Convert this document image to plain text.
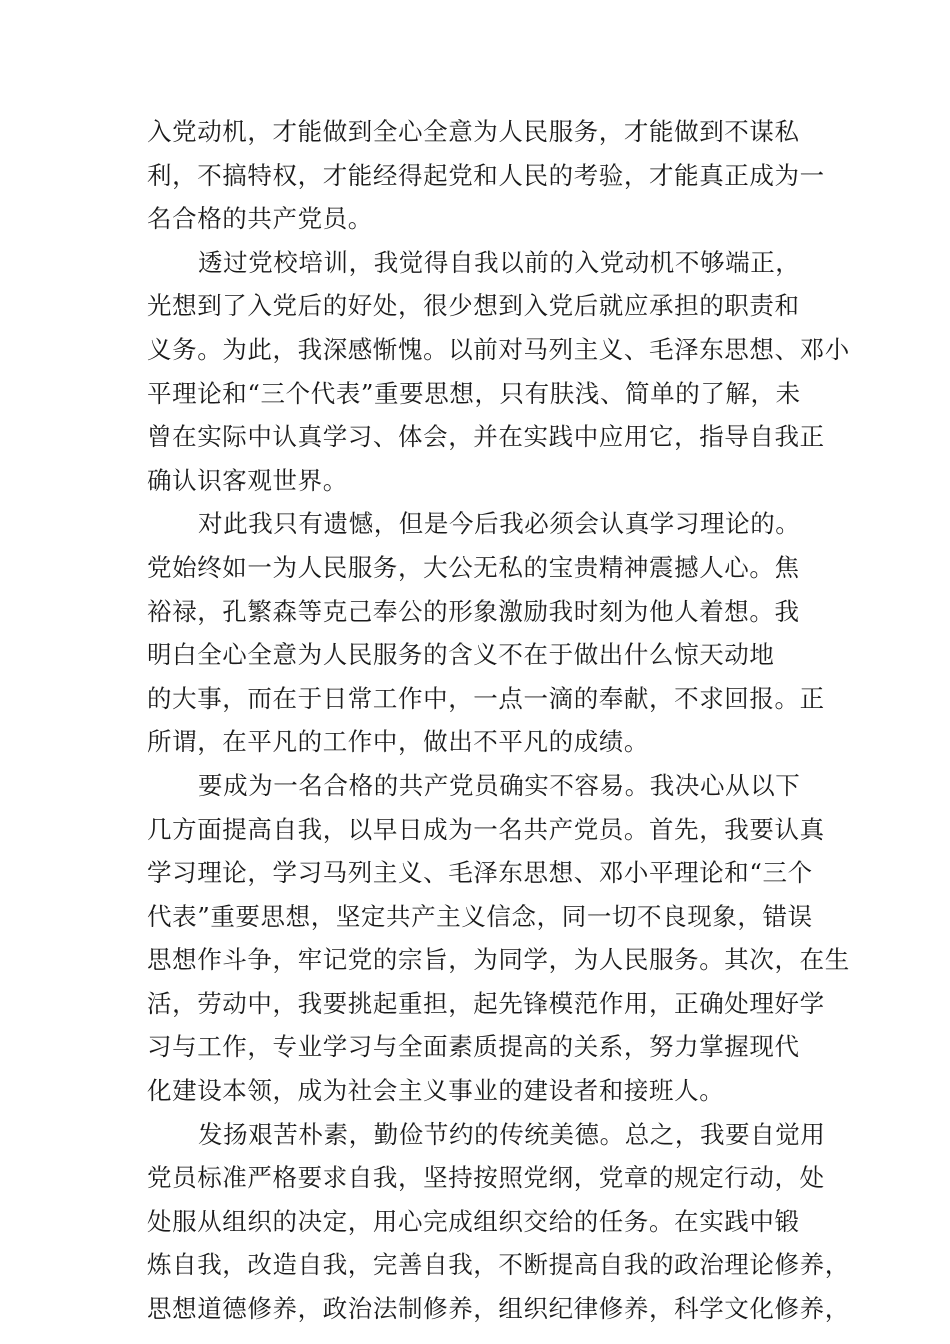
入党动机，才能做到全心全意为人民服务，才能做到不谋私
利，不搞特权，才能经得起党和人民的考验，才能真正成为一
名合格的共产党员。
透过党校培训，我觉得自我以前的入党动机不够端正，
光想到了入党后的好处，很少想到入党后就应承担的职责和
义务。为此，我深感惭愧。以前对马列主义、毛泽东思想、邓小
平理论和“三个代表”重要思想，只有肤浅、简单的了解，未
曾在实际中认真学习、体会，并在实践中应用它，指导自我正
确认识客观世界。
对此我只有遗憾，但是今后我必须会认真学习理论的。
党始终如一为人民服务，大公无私的宝贵精神震撼人心。焦
裕禄，孔繁森等克己奉公的形象激励我时刻为他人着想。我
明白全心全意为人民服务的含义不在于做出什么惊天动地
的大事，而在于日常工作中，一点一滴的奉献，不求回报。正
所谓，在平凡的工作中，做出不平凡的成绩。
要成为一名合格的共产党员确实不容易。我决心从以下
几方面提高自我，以早日成为一名共产党员。首先，我要认真
学习理论，学习马列主义、毛泽东思想、邓小平理论和“三个
代表”重要思想，坚定共产主义信念，同一切不良现象，错误
思想作斗争，牢记党的宗旨，为同学，为人民服务。其次，在生
活，劳动中，我要挑起重担，起先锋模范作用，正确处理好学
习与工作，专业学习与全面素质提高的关系，努力掌握现代
化建设本领，成为社会主义事业的建设者和接班人。
发扬艰苦朴素，勤俭节约的传统美德。总之，我要自觉用
党员标准严格要求自我，坚持按照党纲，党章的规定行动，处
处服从组织的决定，用心完成组织交给的任务。在实践中锻
炼自我，改造自我，完善自我，不断提高自我的政治理论修养，
思想道德修养，政治法制修养，组织纪律修养，科学文化修养，
